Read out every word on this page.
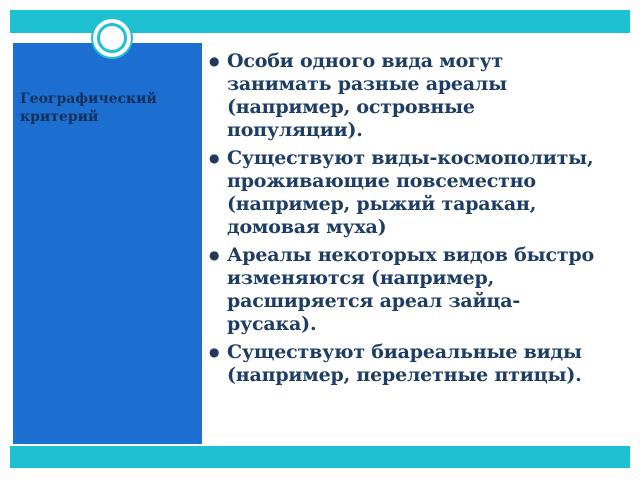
Географический
критерий
● Особи одного вида могут
занимать разные ареалы
(например, островные
популяции).
● Существуют виды-космополиты,
проживающие повсеместно
(например, рыжий таракан,
домовая муха)
● Ареалы некоторых видов быстро
изменяются (например,
расширяется ареал зайца-
русака).
● Существуют биареальные виды
(например, перелетные птицы).
